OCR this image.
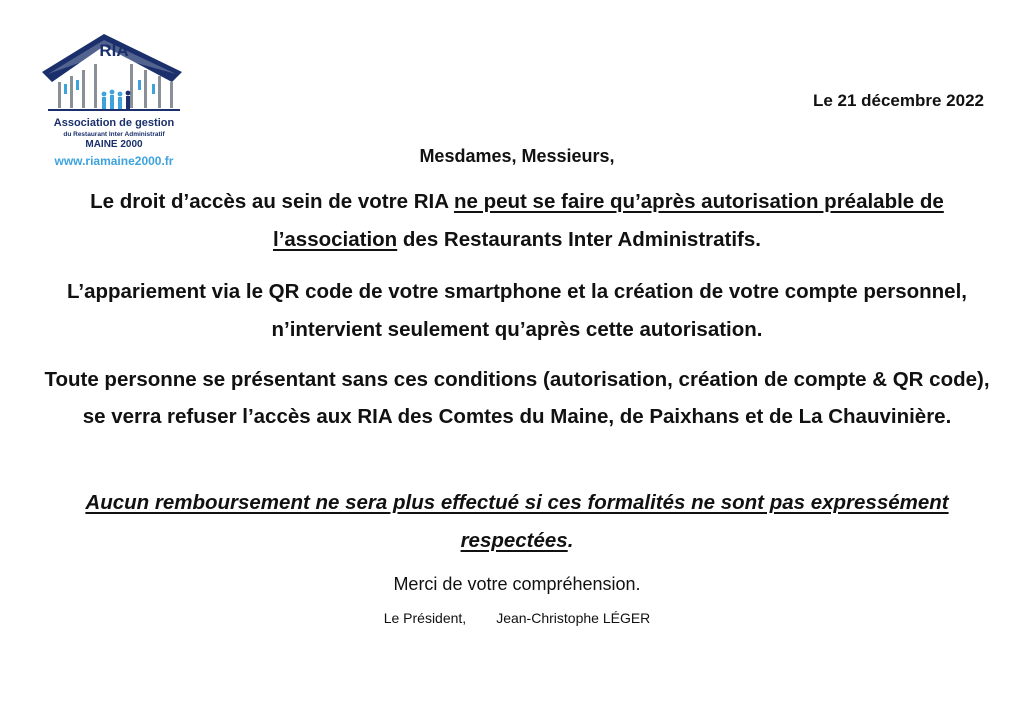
RIA
Association de gestion
du Restaurant Inter Administratif
MAINE 2000
www.riamaine2000.fr
Le 21 décembre 2022
Mesdames, Messieurs,
Le droit d’accès au sein de votre RIA ne peut se faire qu’après autorisation préalable de l’association des Restaurants Inter Administratifs.
L’appariement via le QR code de votre smartphone et la création de votre compte personnel, n’intervient seulement qu’après cette autorisation.
Toute personne se présentant sans ces conditions (autorisation, création de compte & QR code), se verra refuser l’accès aux RIA des Comtes du Maine, de Paixhans et de La Chauvinière.
Aucun remboursement ne sera plus effectué si ces formalités ne sont pas expressément respectées.
Merci de votre compréhension.
Le Président, Jean-Christophe LÉGER
